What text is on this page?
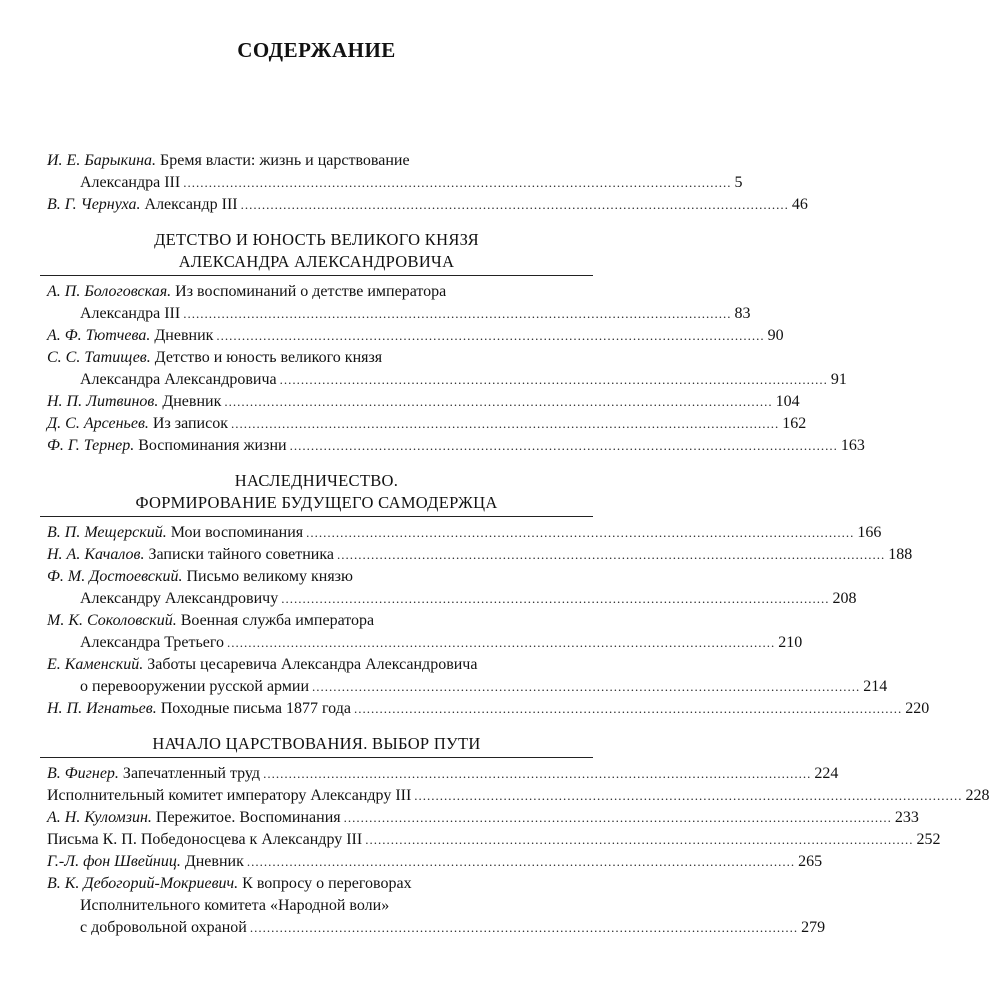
СОДЕРЖАНИЕ
И. Е. Барыкина. Бремя власти: жизнь и царствование
Александра III ................................................................................................................................. 5
В. Г. Чернуха. Александр III ................................................................................................................................. 46
ДЕТСТВО И ЮНОСТЬ ВЕЛИКОГО КНЯЗЯ
АЛЕКСАНДРА АЛЕКСАНДРОВИЧА
А. П. Бологовская. Из воспоминаний о детстве императора
Александра III ................................................................................................................................. 83
А. Ф. Тютчева. Дневник ................................................................................................................................. 90
С. С. Татищев. Детство и юность великого князя
Александра Александровича ................................................................................................................................. 91
Н. П. Литвинов. Дневник ................................................................................................................................. 104
Д. С. Арсеньев. Из записок ................................................................................................................................. 162
Ф. Г. Тернер. Воспоминания жизни ................................................................................................................................. 163
НАСЛЕДНИЧЕСТВО.
ФОРМИРОВАНИЕ БУДУЩЕГО САМОДЕРЖЦА
В. П. Мещерский. Мои воспоминания ................................................................................................................................. 166
Н. А. Качалов. Записки тайного советника ................................................................................................................................. 188
Ф. М. Достоевский. Письмо великому князю
Александру Александровичу ................................................................................................................................. 208
М. К. Соколовский. Военная служба императора
Александра Третьего ................................................................................................................................. 210
Е. Каменский. Заботы цесаревича Александра Александровича
о перевооружении русской армии ................................................................................................................................. 214
Н. П. Игнатьев. Походные письма 1877 года ................................................................................................................................. 220
НАЧАЛО ЦАРСТВОВАНИЯ. ВЫБОР ПУТИ
В. Фигнер. Запечатленный труд ................................................................................................................................. 224
Исполнительный комитет императору Александру III ................................................................................................................................. 228
А. Н. Куломзин. Пережитое. Воспоминания ................................................................................................................................. 233
Письма К. П. Победоносцева к Александру III ................................................................................................................................. 252
Г.-Л. фон Швейниц. Дневник ................................................................................................................................. 265
В. К. Дебогорий-Мокриевич. К вопросу о переговорах
Исполнительного комитета «Народной воли»
с добровольной охраной ................................................................................................................................. 279
